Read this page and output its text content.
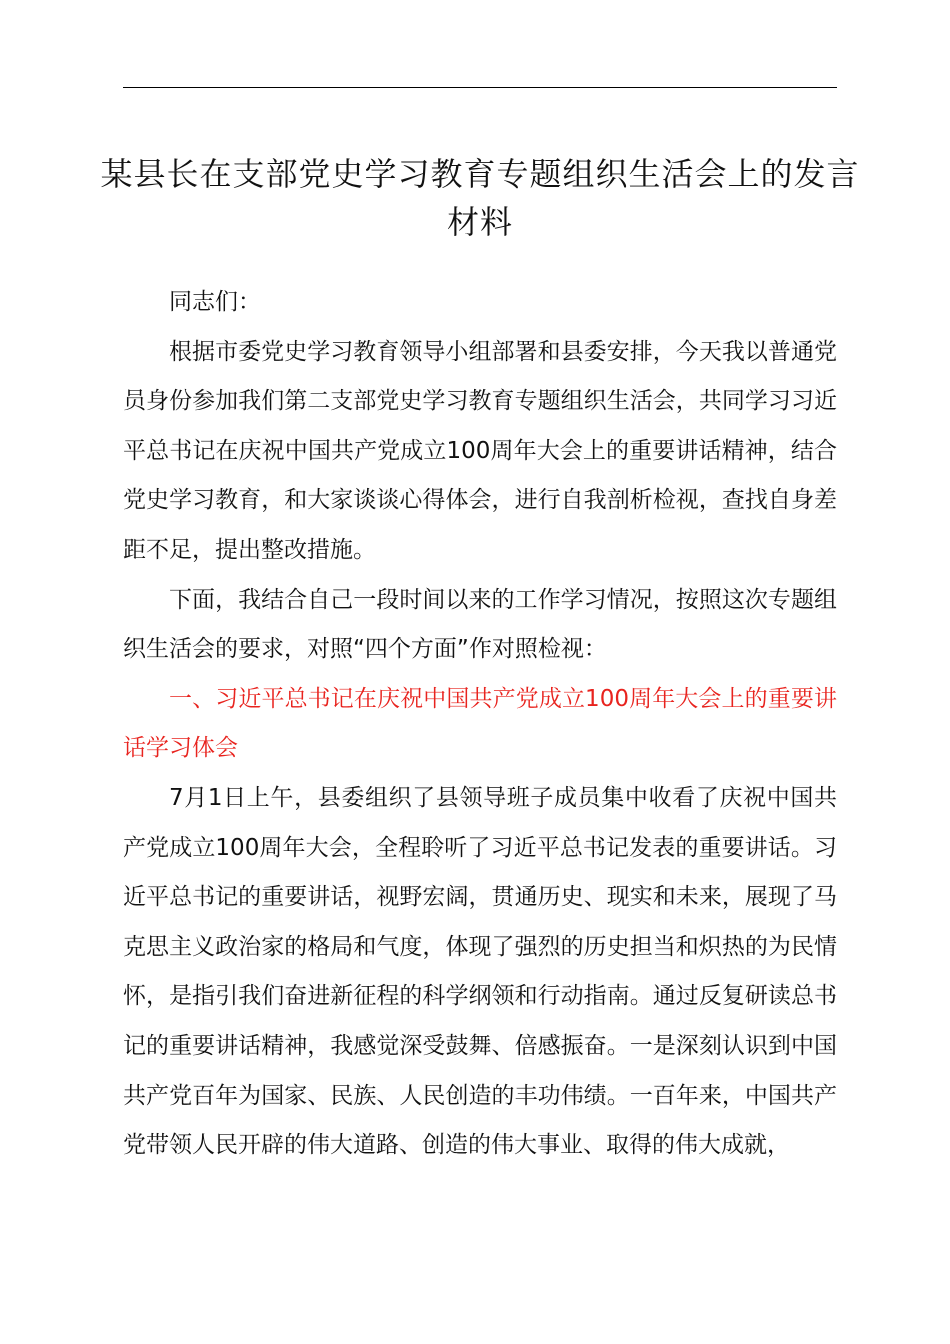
某县长在支部党史学习教育专题组织生活会上的发言材料

同志们：

根据市委党史学习教育领导小组部署和县委安排，今天我以普通党员身份参加我们第二支部党史学习教育专题组织生活会，共同学习习近平总书记在庆祝中国共产党成立100周年大会上的重要讲话精神，结合党史学习教育，和大家谈谈心得体会，进行自我剖析检视，查找自身差距不足，提出整改措施。

下面，我结合自己一段时间以来的工作学习情况，按照这次专题组织生活会的要求，对照“四个方面”作对照检视：

一、习近平总书记在庆祝中国共产党成立100周年大会上的重要讲话学习体会

7月1日上午，县委组织了县领导班子成员集中收看了庆祝中国共产党成立100周年大会，全程聆听了习近平总书记发表的重要讲话。习近平总书记的重要讲话，视野宏阔，贯通历史、现实和未来，展现了马克思主义政治家的格局和气度，体现了强烈的历史担当和炽热的为民情怀，是指引我们奋进新征程的科学纲领和行动指南。通过反复研读总书记的重要讲话精神，我感觉深受鼓舞、倍感振奋。一是深刻认识到中国共产党百年为国家、民族、人民创造的丰功伟绩。一百年来，中国共产党带领人民开辟的伟大道路、创造的伟大事业、取得的伟大成就，
